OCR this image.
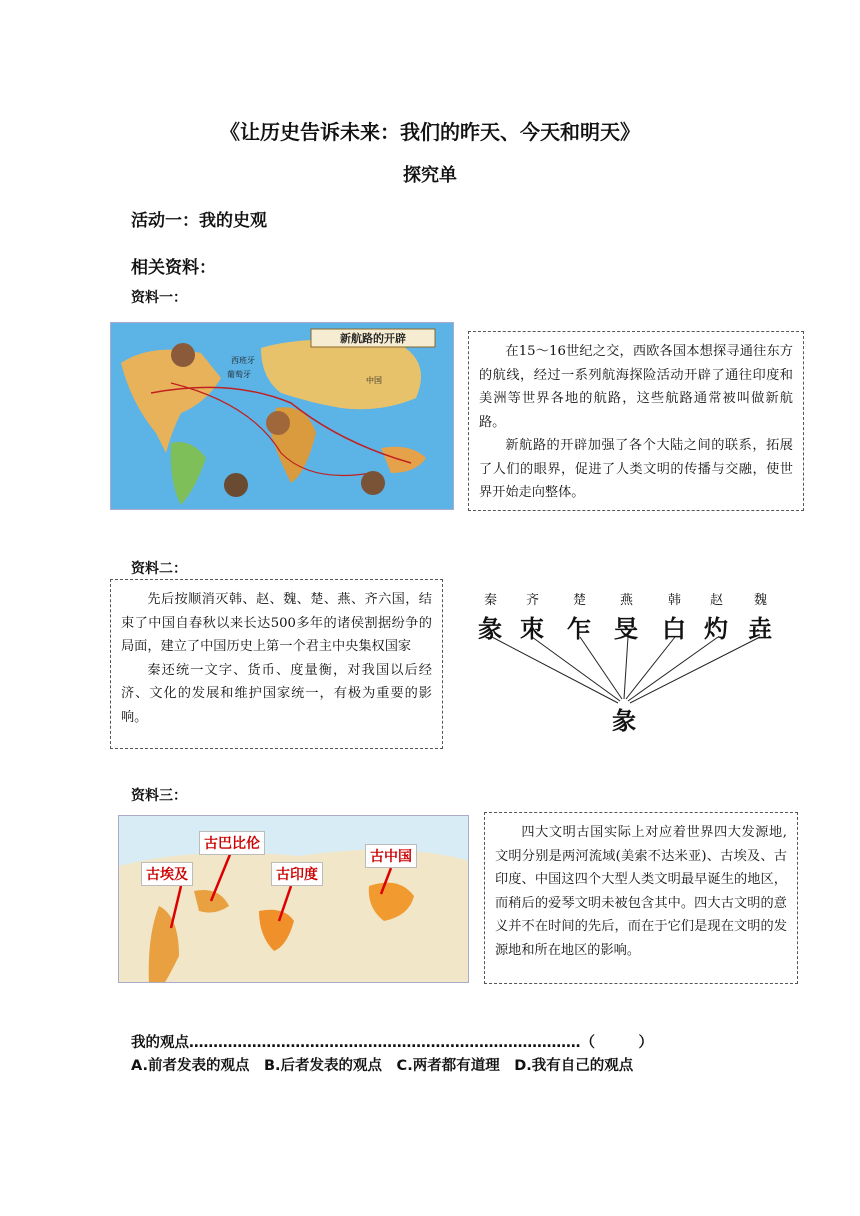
《让历史告诉未来：我们的昨天、今天和明天》
探究单
活动一：我的史观
相关资料：
资料一：
新航路的开辟
西班牙
葡萄牙
中国

在15～16世纪之交，西欧各国本想探寻通往东方的航线，经过一系列航海探险活动开辟了通往印度和美洲等世界各地的航路，这些航路通常被叫做新航路。

新航路的开辟加强了各个大陆之间的联系，拓展了人们的眼界，促进了人类文明的传播与交融，使世界开始走向整体。

资料二：

先后按顺消灭韩、赵、魏、楚、燕、齐六国，结束了中国自春秋以来长达500多年的诸侯割据纷争的局面，建立了中国历史上第一个君主中央集权国家

秦还统一文字、货币、度量衡，对我国以后经济、文化的发展和维护国家统一，有极为重要的影响。

秦 齐	楚	燕	韩 赵 魏
彖 朿 乍 旻 白 灼 垚
彖
资料三：
古巴比伦
古埃及	古印度
古中国

四大文明古国实际上对应着世界四大发源地,文明分别是两河流域(美索不达米亚)、古埃及、古印度、中国这四个大型人类文明最早诞生的地区，而稍后的爱琴文明未被包含其中。四大古文明的意义并不在时间的先后，而在于它们是现在文明的发源地和所在地区的影响。

我的观点………………………………………………………………………（　　　）
A.前者发表的观点　B.后者发表的观点　C.两者都有道理　D.我有自己的观点
